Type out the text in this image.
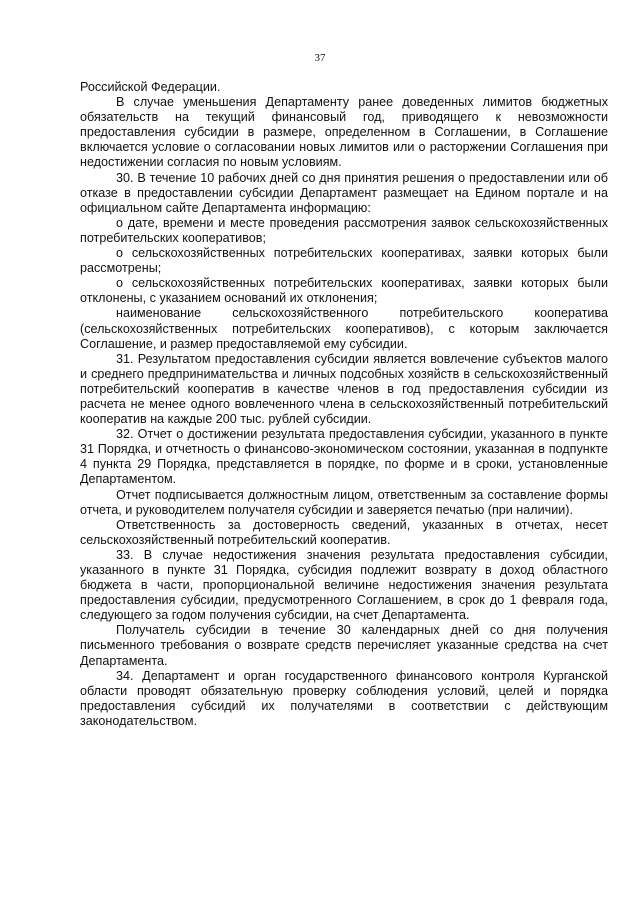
37

Российской Федерации.

В случае уменьшения Департаменту ранее доведенных лимитов бюджетных обязательств на текущий финансовый год, приводящего к невозможности предоставления субсидии в размере, определенном в Соглашении, в Соглашение включается условие о согласовании новых лимитов или о расторжении Соглашения при недостижении согласия по новым условиям.

30. В течение 10 рабочих дней со дня принятия решения о предоставлении или об отказе в предоставлении субсидии Департамент размещает на Едином портале и на официальном сайте Департамента информацию:

о дате, времени и месте проведения рассмотрения заявок сельскохозяйственных потребительских кооперативов;

о сельскохозяйственных потребительских кооперативах, заявки которых были рассмотрены;

о сельскохозяйственных потребительских кооперативах, заявки которых были отклонены, с указанием оснований их отклонения;

наименование сельскохозяйственного потребительского кооператива (сельскохозяйственных потребительских кооперативов), с которым заключается Соглашение, и размер предоставляемой ему субсидии.

31. Результатом предоставления субсидии является вовлечение субъектов малого и среднего предпринимательства и личных подсобных хозяйств в сельскохозяйственный потребительский кооператив в качестве членов в год предоставления субсидии из расчета не менее одного вовлеченного члена в сельскохозяйственный потребительский кооператив на каждые 200 тыс. рублей субсидии.

32. Отчет о достижении результата предоставления субсидии, указанного в пункте 31 Порядка, и отчетность о финансово-экономическом состоянии, указанная в подпункте 4 пункта 29 Порядка, представляется в порядке, по форме и в сроки, установленные Департаментом.

Отчет подписывается должностным лицом, ответственным за составление формы отчета, и руководителем получателя субсидии и заверяется печатью (при наличии).

Ответственность за достоверность сведений, указанных в отчетах, несет сельскохозяйственный потребительский кооператив.

33. В случае недостижения значения результата предоставления субсидии, указанного в пункте 31 Порядка, субсидия подлежит возврату в доход областного бюджета в части, пропорциональной величине недостижения значения результата предоставления субсидии, предусмотренного Соглашением, в срок до 1 февраля года, следующего за годом получения субсидии, на счет Департамента.

Получатель субсидии в течение 30 календарных дней со дня получения письменного требования о возврате средств перечисляет указанные средства на счет Департамента.

34. Департамент и орган государственного финансового контроля Курганской области проводят обязательную проверку соблюдения условий, целей и порядка предоставления субсидий их получателями в соответствии с действующим законодательством.
